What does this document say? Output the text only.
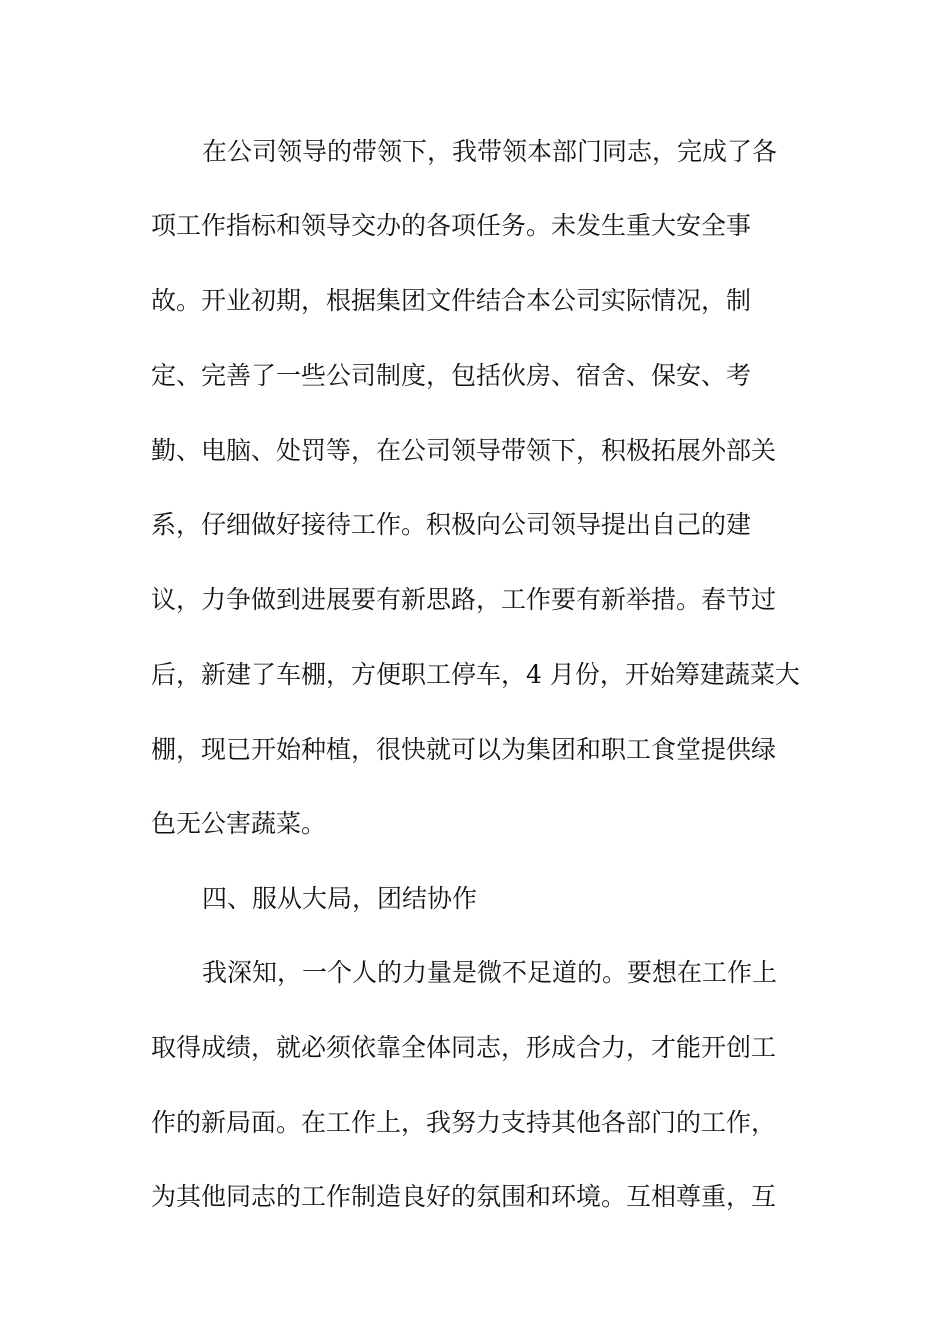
在公司领导的带领下，我带领本部门同志，完成了各
项工作指标和领导交办的各项任务。未发生重大安全事
故。开业初期，根据集团文件结合本公司实际情况，制
定、完善了一些公司制度，包括伙房、宿舍、保安、考
勤、电脑、处罚等，在公司领导带领下，积极拓展外部关
系，仔细做好接待工作。积极向公司领导提出自己的建
议，力争做到进展要有新思路，工作要有新举措。春节过
后，新建了车棚，方便职工停车，4 月份，开始筹建蔬菜大
棚，现已开始种植，很快就可以为集团和职工食堂提供绿
色无公害蔬菜。
四、服从大局，团结协作
我深知，一个人的力量是微不足道的。要想在工作上
取得成绩，就必须依靠全体同志，形成合力，才能开创工
作的新局面。在工作上，我努力支持其他各部门的工作，
为其他同志的工作制造良好的氛围和环境。互相尊重，互
